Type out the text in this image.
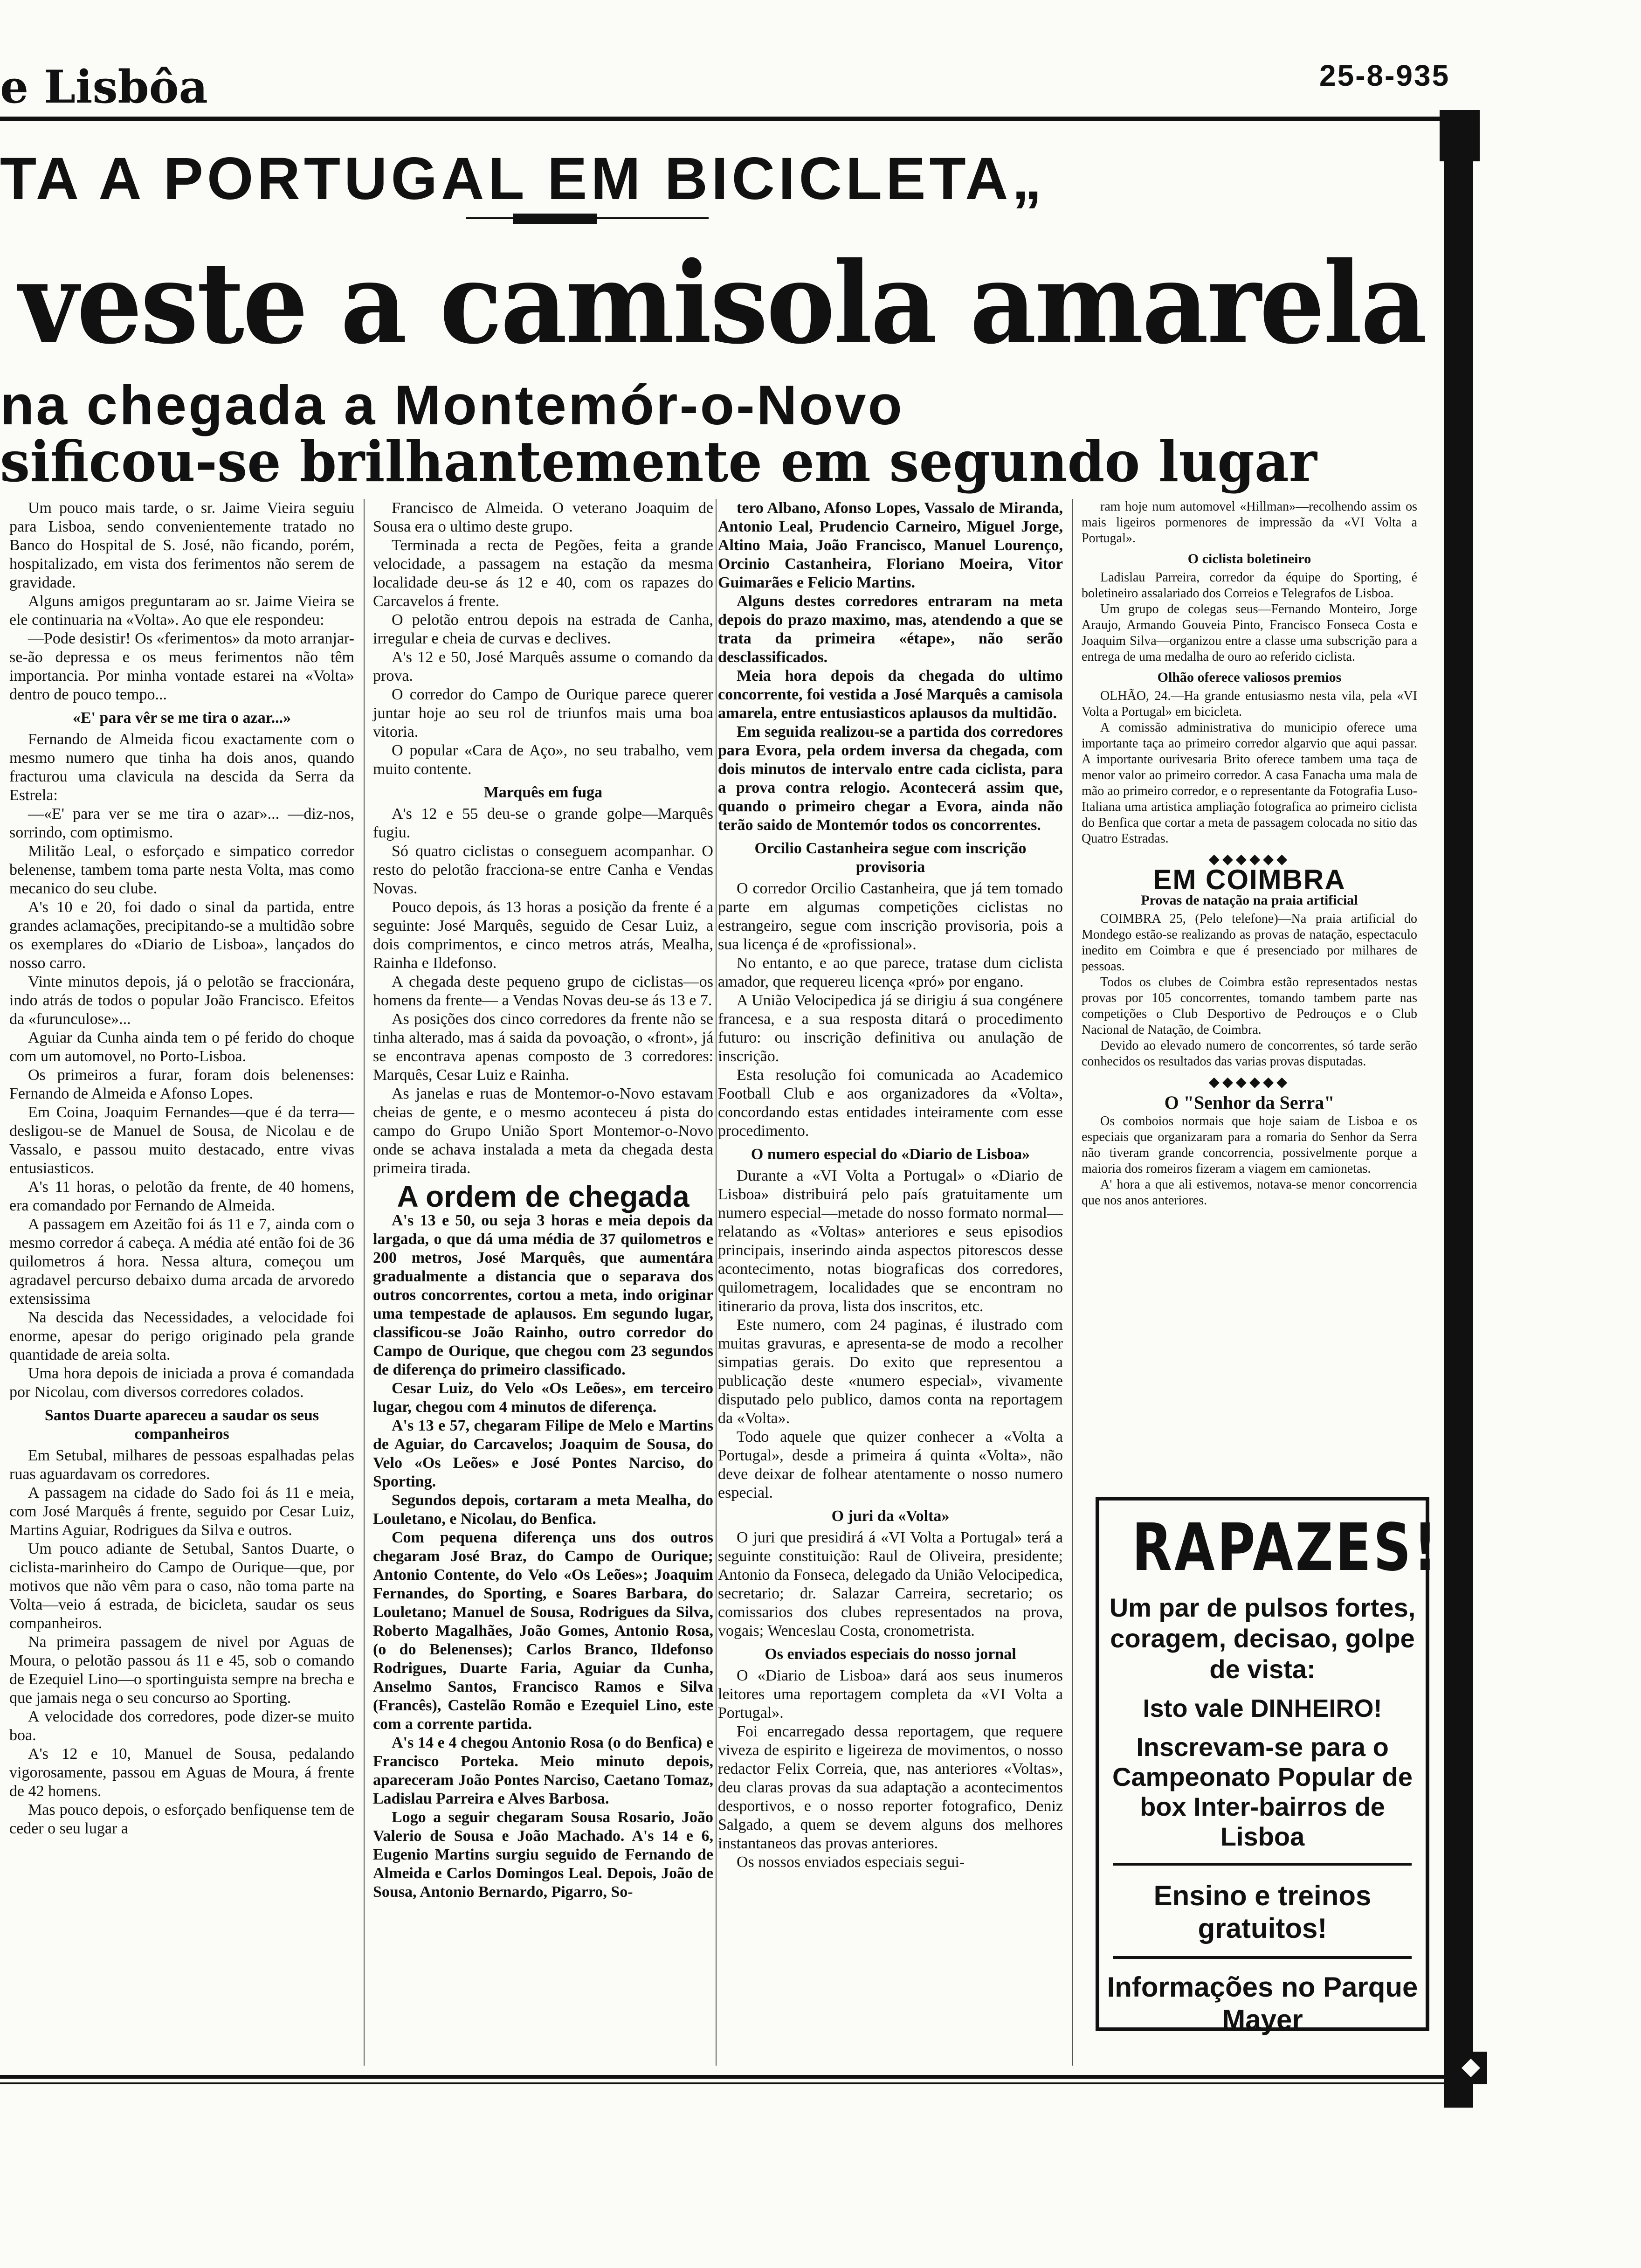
e Lisbôa	25-8-935
TA A PORTUGAL EM BICICLETA„
veste a camisola amarela
na chegada a Montemór-o-Novo
sificou-se brilhantemente em segundo lugar

Um pouco mais tarde, o sr. Jaime Vieira seguiu para Lisboa, sendo convenientemente tratado no Banco do Hospital de S. José, não ficando, porém, hospitalizado, em vista dos ferimentos não serem de gravidade.

Alguns amigos preguntaram ao sr. Jaime Vieira se ele continuaria na «Volta». Ao que ele respondeu:

—Pode desistir! Os «ferimentos» da moto arranjar-se-ão depressa e os meus ferimentos não têm importancia. Por minha vontade estarei na «Volta» dentro de pouco tempo...

«E' para vêr se me tira o azar...»

Fernando de Almeida ficou exactamente com o mesmo numero que tinha ha dois anos, quando fracturou uma clavicula na descida da Serra da Estrela:

—«E' para ver se me tira o azar»... —diz-nos, sorrindo, com optimismo.

Militão Leal, o esforçado e simpatico corredor belenense, tambem toma parte nesta Volta, mas como mecanico do seu clube.

A's 10 e 20, foi dado o sinal da partida, entre grandes aclamações, precipitando-se a multidão sobre os exemplares do «Diario de Lisboa», lançados do nosso carro.

Vinte minutos depois, já o pelotão se fraccionára, indo atrás de todos o popular João Francisco. Efeitos da «furunculose»...

Aguiar da Cunha ainda tem o pé ferido do choque com um automovel, no Porto-Lisboa.

Os primeiros a furar, foram dois belenenses: Fernando de Almeida e Afonso Lopes.

Em Coina, Joaquim Fernandes—que é da terra—desligou-se de Manuel de Sousa, de Nicolau e de Vassalo, e passou muito destacado, entre vivas entusiasticos.

A's 11 horas, o pelotão da frente, de 40 homens, era comandado por Fernando de Almeida.

A passagem em Azeitão foi ás 11 e 7, ainda com o mesmo corredor á cabeça. A média até então foi de 36 quilometros á hora. Nessa altura, começou um agradavel percurso debaixo duma arcada de arvoredo extensissima

Na descida das Necessidades, a velocidade foi enorme, apesar do perigo originado pela grande quantidade de areia solta.

Uma hora depois de iniciada a prova é comandada por Nicolau, com diversos corredores colados.

Santos Duarte apareceu a saudar os seus companheiros

Em Setubal, milhares de pessoas espalhadas pelas ruas aguardavam os corredores.

A passagem na cidade do Sado foi ás 11 e meia, com José Marquês á frente, seguido por Cesar Luiz, Martins Aguiar, Rodrigues da Silva e outros.

Um pouco adiante de Setubal, Santos Duarte, o ciclista-marinheiro do Campo de Ourique—que, por motivos que não vêm para o caso, não toma parte na Volta—veio á estrada, de bicicleta, saudar os seus companheiros.

Na primeira passagem de nivel por Aguas de Moura, o pelotão passou ás 11 e 45, sob o comando de Ezequiel Lino—o sportinguista sempre na brecha e que jamais nega o seu concurso ao Sporting.

A velocidade dos corredores, pode dizer-se muito boa.

A's 12 e 10, Manuel de Sousa, pedalando vigorosamente, passou em Aguas de Moura, á frente de 42 homens.

Mas pouco depois, o esforçado benfiquense tem de ceder o seu lugar a

Francisco de Almeida. O veterano Joaquim de Sousa era o ultimo deste grupo.

Terminada a recta de Pegões, feita a grande velocidade, a passagem na estação da mesma localidade deu-se ás 12 e 40, com os rapazes do Carcavelos á frente.

O pelotão entrou depois na estrada de Canha, irregular e cheia de curvas e declives.

A's 12 e 50, José Marquês assume o comando da prova.

O corredor do Campo de Ourique parece querer juntar hoje ao seu rol de triunfos mais uma boa vitoria.

O popular «Cara de Aço», no seu trabalho, vem muito contente.

Marquês em fuga

A's 12 e 55 deu-se o grande golpe—Marquês fugiu.

Só quatro ciclistas o conseguem acompanhar. O resto do pelotão fracciona-se entre Canha e Vendas Novas.

Pouco depois, ás 13 horas a posição da frente é a seguinte: José Marquês, seguido de Cesar Luiz, a dois comprimentos, e cinco metros atrás, Mealha, Rainha e Ildefonso.

A chegada deste pequeno grupo de ciclistas—os homens da frente— a Vendas Novas deu-se ás 13 e 7.

As posições dos cinco corredores da frente não se tinha alterado, mas á saida da povoação, o «front», já se encontrava apenas composto de 3 corredores: Marquês, Cesar Luiz e Rainha.

As janelas e ruas de Montemor-o-Novo estavam cheias de gente, e o mesmo aconteceu á pista do campo do Grupo União Sport Montemor-o-Novo onde se achava instalada a meta da chegada desta primeira tirada.

A ordem de chegada

A's 13 e 50, ou seja 3 horas e meia depois da largada, o que dá uma média de 37 quilometros e 200 metros, José Marquês, que aumentára gradualmente a distancia que o separava dos outros concorrentes, cortou a meta, indo originar uma tempestade de aplausos. Em segundo lugar, classificou-se João Rainho, outro corredor do Campo de Ourique, que chegou com 23 segundos de diferença do primeiro classificado.

Cesar Luiz, do Velo «Os Leões», em terceiro lugar, chegou com 4 minutos de diferença.

A's 13 e 57, chegaram Filipe de Melo e Martins de Aguiar, do Carcavelos; Joaquim de Sousa, do Velo «Os Leões» e José Pontes Narciso, do Sporting.

Segundos depois, cortaram a meta Mealha, do Louletano, e Nicolau, do Benfica.

Com pequena diferença uns dos outros chegaram José Braz, do Campo de Ourique; Antonio Contente, do Velo «Os Leões»; Joaquim Fernandes, do Sporting, e Soares Barbara, do Louletano; Manuel de Sousa, Rodrigues da Silva, Roberto Magalhães, João Gomes, Antonio Rosa, (o do Belenenses); Carlos Branco, Ildefonso Rodrigues, Duarte Faria, Aguiar da Cunha, Anselmo Santos, Francisco Ramos e Silva (Francês), Castelão Romão e Ezequiel Lino, este com a corrente partida.

A's 14 e 4 chegou Antonio Rosa (o do Benfica) e Francisco Porteka. Meio minuto depois, apareceram João Pontes Narciso, Caetano Tomaz, Ladislau Parreira e Alves Barbosa.

Logo a seguir chegaram Sousa Rosario, João Valerio de Sousa e João Machado. A's 14 e 6, Eugenio Martins surgiu seguido de Fernando de Almeida e Carlos Domingos Leal. Depois, João de Sousa, Antonio Bernardo, Pigarro, So-

tero Albano, Afonso Lopes, Vassalo de Miranda, Antonio Leal, Prudencio Carneiro, Miguel Jorge, Altino Maia, João Francisco, Manuel Lourenço, Orcinio Castanheira, Floriano Moeira, Vitor Guimarães e Felicio Martins.

Alguns destes corredores entraram na meta depois do prazo maximo, mas, atendendo a que se trata da primeira «étape», não serão desclassificados.

Meia hora depois da chegada do ultimo concorrente, foi vestida a José Marquês a camisola amarela, entre entusiasticos aplausos da multidão.

Em seguida realizou-se a partida dos corredores para Evora, pela ordem inversa da chegada, com dois minutos de intervalo entre cada ciclista, para a prova contra relogio. Acontecerá assim que, quando o primeiro chegar a Evora, ainda não terão saido de Montemór todos os concorrentes.

Orcilio Castanheira segue com inscrição provisoria

O corredor Orcilio Castanheira, que já tem tomado parte em algumas competições ciclistas no estrangeiro, segue com inscrição provisoria, pois a sua licença é de «profissional».

No entanto, e ao que parece, tratase dum ciclista amador, que requereu licença «pró» por engano.

A União Velocipedica já se dirigiu á sua congénere francesa, e a sua resposta ditará o procedimento futuro: ou inscrição definitiva ou anulação de inscrição.

Esta resolução foi comunicada ao Academico Football Club e aos organizadores da «Volta», concordando estas entidades inteiramente com esse procedimento.

O numero especial do «Diario de Lisboa»

Durante a «VI Volta a Portugal» o «Diario de Lisboa» distribuirá pelo país gratuitamente um numero especial—metade do nosso formato normal—relatando as «Voltas» anteriores e seus episodios principais, inserindo ainda aspectos pitorescos desse acontecimento, notas biograficas dos corredores, quilometragem, localidades que se encontram no itinerario da prova, lista dos inscritos, etc.

Este numero, com 24 paginas, é ilustrado com muitas gravuras, e apresenta-se de modo a recolher simpatias gerais. Do exito que representou a publicação deste «numero especial», vivamente disputado pelo publico, damos conta na reportagem da «Volta».

Todo aquele que quizer conhecer a «Volta a Portugal», desde a primeira á quinta «Volta», não deve deixar de folhear atentamente o nosso numero especial.

O juri da «Volta»

O juri que presidirá á «VI Volta a Portugal» terá a seguinte constituição: Raul de Oliveira, presidente; Antonio da Fonseca, delegado da União Velocipedica, secretario; dr. Salazar Carreira, secretario; os comissarios dos clubes representados na prova, vogais; Wenceslau Costa, cronometrista.

Os enviados especiais do nosso jornal

O «Diario de Lisboa» dará aos seus inumeros leitores uma reportagem completa da «VI Volta a Portugal».

Foi encarregado dessa reportagem, que requere viveza de espirito e ligeireza de movimentos, o nosso redactor Felix Correia, que, nas anteriores «Voltas», deu claras provas da sua adaptação a acontecimentos desportivos, e o nosso reporter fotografico, Deniz Salgado, a quem se devem alguns dos melhores instantaneos das provas anteriores.

Os nossos enviados especiais segui-

ram hoje num automovel «Hillman»—recolhendo assim os mais ligeiros pormenores de impressão da «VI Volta a Portugal».

O ciclista boletineiro

Ladislau Parreira, corredor da équipe do Sporting, é boletineiro assalariado dos Correios e Telegrafos de Lisboa.

Um grupo de colegas seus—Fernando Monteiro, Jorge Araujo, Armando Gouveia Pinto, Francisco Fonseca Costa e Joaquim Silva—organizou entre a classe uma subscrição para a entrega de uma medalha de ouro ao referido ciclista.

Olhão oferece valiosos premios

OLHÃO, 24.—Ha grande entusiasmo nesta vila, pela «VI Volta a Portugal» em bicicleta.

A comissão administrativa do municipio oferece uma importante taça ao primeiro corredor algarvio que aqui passar. A importante ourivesaria Brito oferece tambem uma taça de menor valor ao primeiro corredor. A casa Fanacha uma mala de mão ao primeiro corredor, e o representante da Fotografia Luso-Italiana uma artistica ampliação fotografica ao primeiro ciclista do Benfica que cortar a meta de passagem colocada no sitio das Quatro Estradas.

◆◆◆◆◆◆
EM COIMBRA
Provas de natação na praia artificial

COIMBRA 25, (Pelo telefone)—Na praia artificial do Mondego estão-se realizando as provas de natação, espectaculo inedito em Coimbra e que é presenciado por milhares de pessoas.

Todos os clubes de Coimbra estão representados nestas provas por 105 concorrentes, tomando tambem parte nas competições o Club Desportivo de Pedrouços e o Club Nacional de Natação, de Coimbra.

Devido ao elevado numero de concorrentes, só tarde serão conhecidos os resultados das varias provas disputadas.

◆◆◆◆◆◆
O "Senhor da Serra"

Os comboios normais que hoje saiam de Lisboa e os especiais que organizaram para a romaria do Senhor da Serra não tiveram grande concorrencia, possivelmente porque a maioria dos romeiros fizeram a viagem em camionetas.

A' hora a que ali estivemos, notava-se menor concorrencia que nos anos anteriores.

RAPAZES!
Um par de pulsos fortes, coragem, decisao, golpe de vista:
Isto vale DINHEIRO!
Inscrevam-se para o Campeonato Popular de box Inter-bairros de Lisboa
Ensino e treinos gratuitos!
Informações no Parque Mayer
